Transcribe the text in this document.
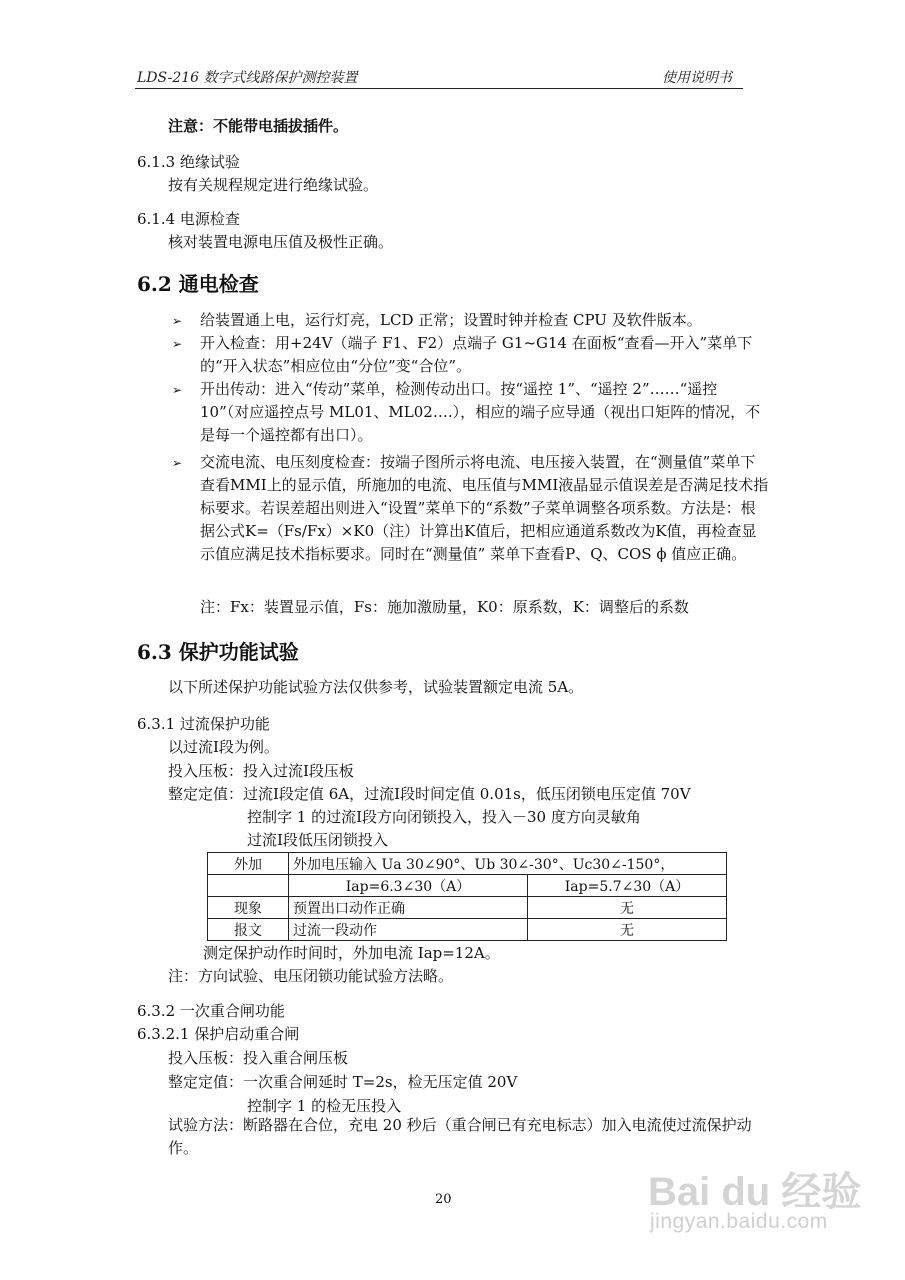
LDS-216 数字式线路保护测控装置	使用说明书
注意：不能带电插拔插件。
6.1.3 绝缘试验
按有关规程规定进行绝缘试验。
6.1.4 电源检查
核对装置电源电压值及极性正确。
6.2 通电检查
➢ 给装置通上电，运行灯亮，LCD 正常；设置时钟并检查 CPU 及软件版本。
➢ 开入检查：用+24V（端子 F1、F2）点端子 G1~G14 在面板“查看—开入”菜单下的“开入状态”相应位由“分位”变“合位”。
➢ 开出传动：进入“传动”菜单，检测传动出口。按“遥控 1”、“遥控 2”……“遥控 10”（对应遥控点号 ML01、ML02….），相应的端子应导通（视出口矩阵的情况，不是每一个遥控都有出口）。
➢ 交流电流、电压刻度检查：按端子图所示将电流、电压接入装置，在“测量值”菜单下查看MMI上的显示值，所施加的电流、电压值与MMI液晶显示值误差是否满足技术指标要求。若误差超出则进入“设置”菜单下的“系数”子菜单调整各项系数。方法是：根据公式K=（Fs/Fx）×K0（注）计算出K值后，把相应通道系数改为K值，再检查显示值应满足技术指标要求。同时在“测量值” 菜单下查看P、Q、COS ϕ 值应正确。
注：Fx：装置显示值，Fs：施加激励量，K0：原系数，K：调整后的系数
6.3 保护功能试验
以下所述保护功能试验方法仅供参考，试验装置额定电流 5A。
6.3.1 过流保护功能
以过流Ⅰ段为例。
投入压板：投入过流Ⅰ段压板
整定定值：过流Ⅰ段定值 6A，过流Ⅰ段时间定值 0.01s，低压闭锁电压定值 70V
控制字 1 的过流Ⅰ段方向闭锁投入，投入－30 度方向灵敏角
过流Ⅰ段低压闭锁投入
外加	外加电压输入 Ua 30∠90°、Ub 30∠-30°、Uc30∠-150°，	
	Iap=6.3∠30（A）	Iap=5.7∠30（A）
现象	预置出口动作正确	无
报文	过流一段动作	无
测定保护动作时间时，外加电流 Iap=12A。
注：方向试验、电压闭锁功能试验方法略。
6.3.2 一次重合闸功能
6.3.2.1 保护启动重合闸
投入压板：投入重合闸压板
整定定值：一次重合闸延时 T=2s，检无压定值 20V
控制字 1 的检无压投入
试验方法：断路器在合位，充电 20 秒后（重合闸已有充电标志）加入电流使过流保护动作。
20	Bai du 经验
jingyan.baidu.com
